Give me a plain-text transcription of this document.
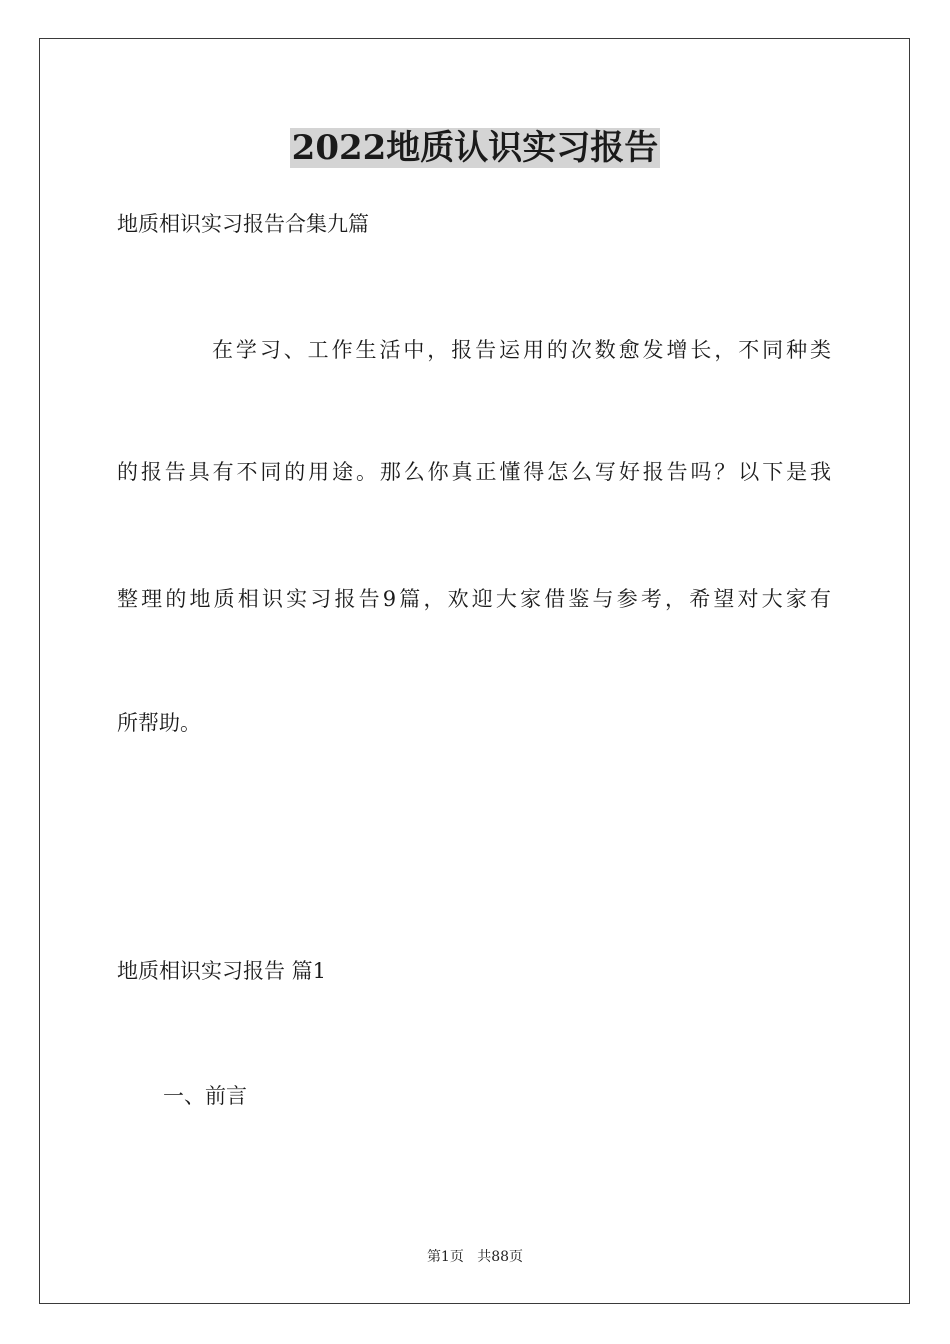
2022地质认识实习报告
地质相识实习报告合集九篇
在学习、工作生活中，报告运用的次数愈发增长，不同种类
的报告具有不同的用途。那么你真正懂得怎么写好报告吗？以下是我
整理的地质相识实习报告9篇，欢迎大家借鉴与参考，希望对大家有
所帮助。
地质相识实习报告 篇1
一、前言
第1页 共88页
